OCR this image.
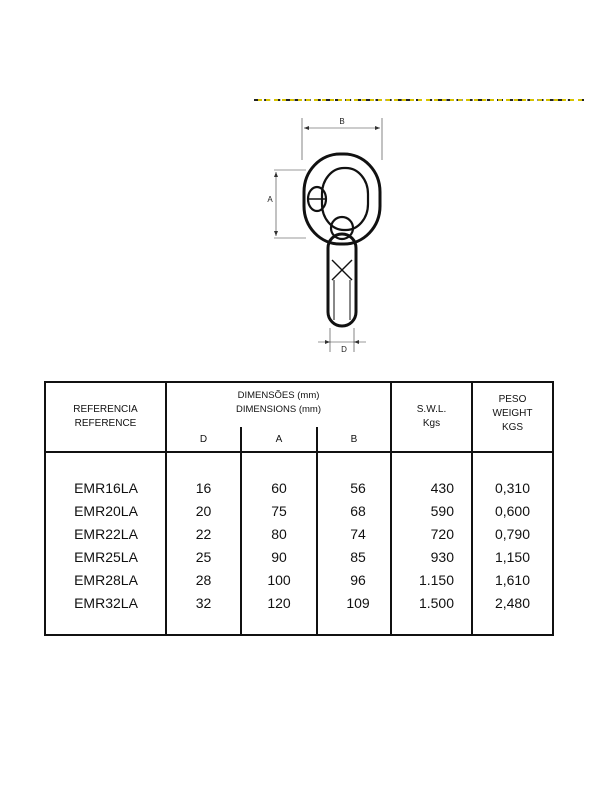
B
A
D
REFERENCIA
REFERENCE
DIMENSÕES (mm)
DIMENSIONS (mm)
D	A	B
S.W.L.
Kgs
PESO
WEIGHT
KGS
EMR16LA
EMR20LA
EMR22LA
EMR25LA
EMR28LA
EMR32LA
16
20
22
25
28
32
60
75
80
90
100
120
56
68
74
85
96
109
430
590
720
930
1.150
1.500
0,310
0,600
0,790
1,150
1,610
2,480
